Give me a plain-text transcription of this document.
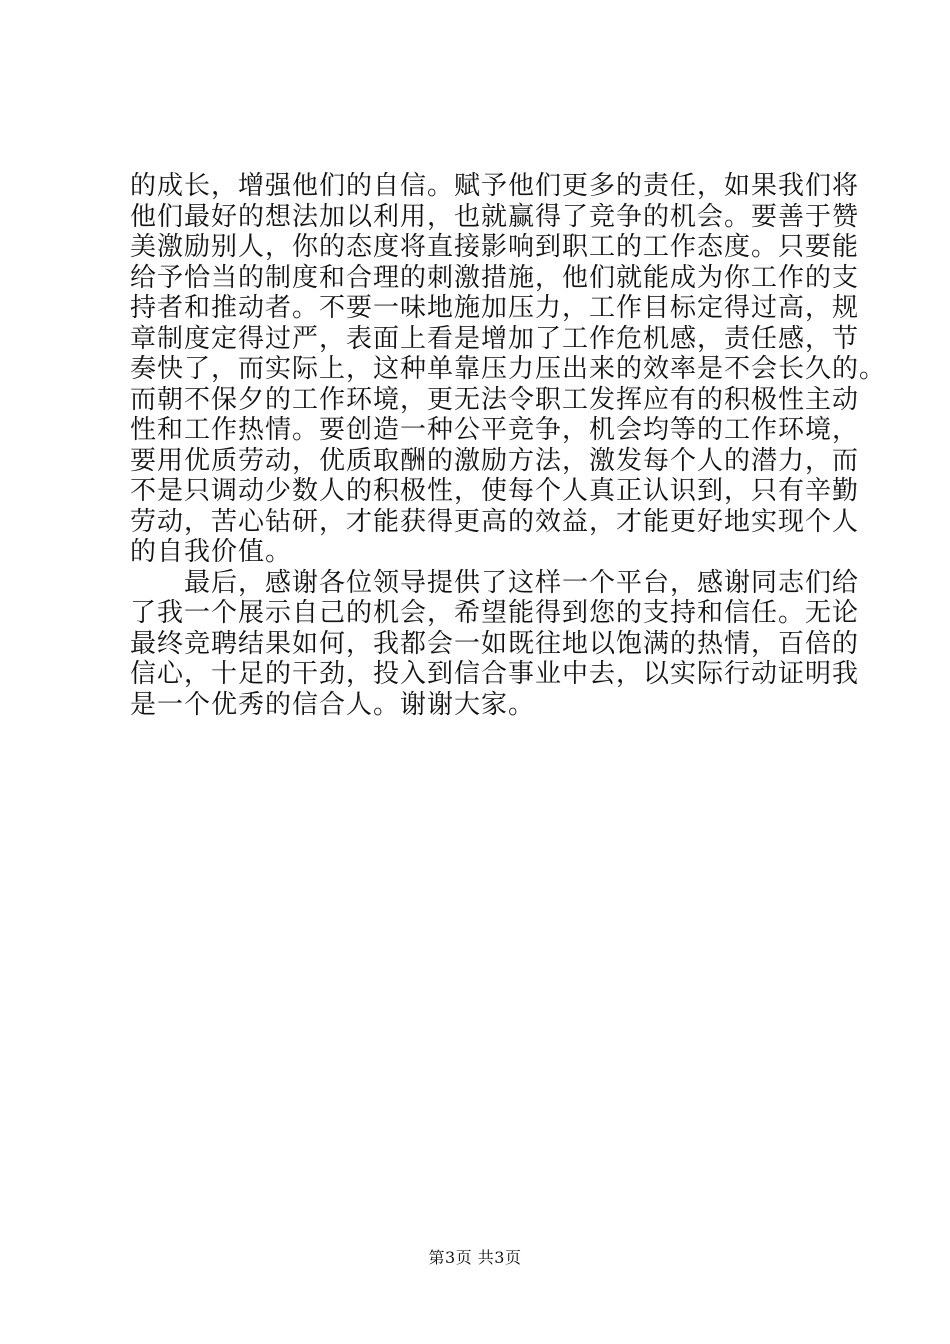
的成长，增强他们的自信。赋予他们更多的责任，如果我们将
他们最好的想法加以利用，也就赢得了竞争的机会。要善于赞
美激励别人，你的态度将直接影响到职工的工作态度。只要能
给予恰当的制度和合理的刺激措施，他们就能成为你工作的支
持者和推动者。不要一味地施加压力，工作目标定得过高，规
章制度定得过严，表面上看是增加了工作危机感，责任感，节
奏快了，而实际上，这种单靠压力压出来的效率是不会长久的。
而朝不保夕的工作环境，更无法令职工发挥应有的积极性主动
性和工作热情。要创造一种公平竞争，机会均等的工作环境，
要用优质劳动，优质取酬的激励方法，激发每个人的潜力，而
不是只调动少数人的积极性，使每个人真正认识到，只有辛勤
劳动，苦心钻研，才能获得更高的效益，才能更好地实现个人
的自我价值。
　　最后，感谢各位领导提供了这样一个平台，感谢同志们给
了我一个展示自己的机会，希望能得到您的支持和信任。无论
最终竞聘结果如何，我都会一如既往地以饱满的热情，百倍的
信心，十足的干劲，投入到信合事业中去，以实际行动证明我
是一个优秀的信合人。谢谢大家。
第3页 共3页
